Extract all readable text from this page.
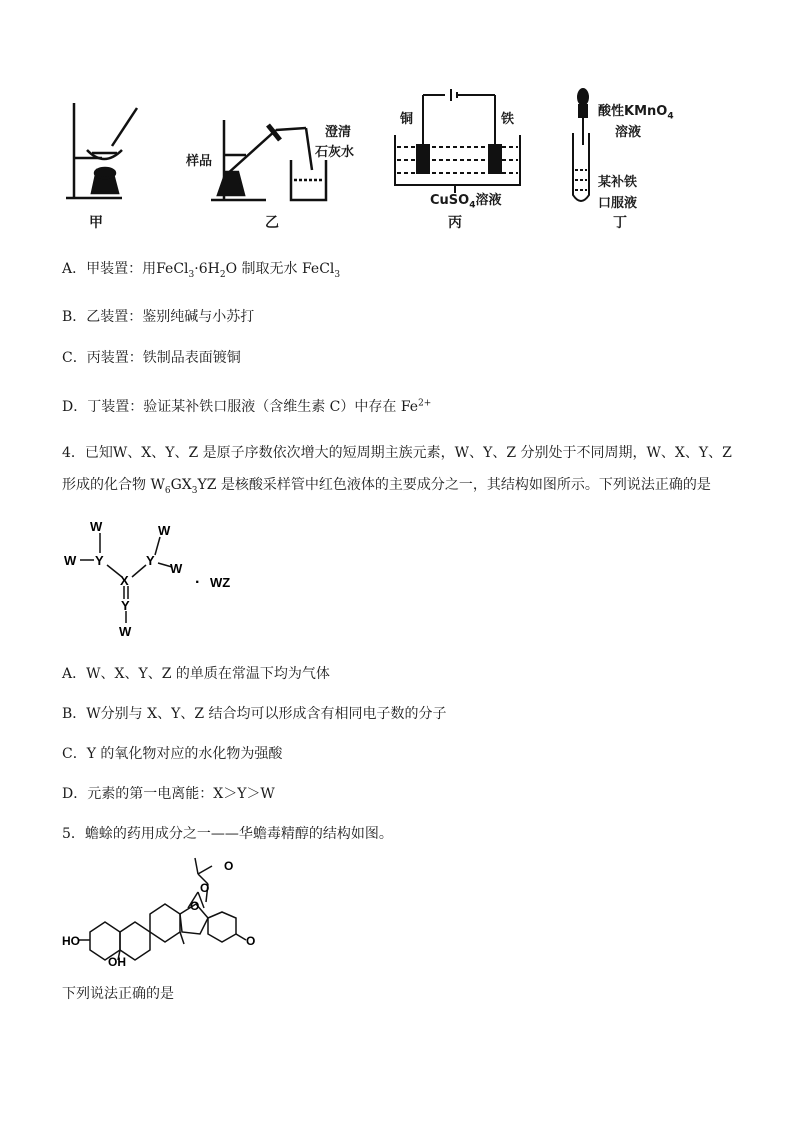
甲
样品
澄清
石灰水
乙
铜	铁
CuSO$_4$溶液
丙
酸性KMnO$_4$
溶液
某补铁
口服液
丁
A．甲装置：用$FeCl_3\cdot 6H_2O$ 制取无水 FeCl$_3$
B．乙装置：鉴别纯碱与小苏打
C．丙装置：铁制品表面镀铜
D．丁装置：验证某补铁口服液（含维生素 C）中存在 $Fe^{2+}$
4．已知W、X、Y、Z 是原子序数依次增大的短周期主族元素，W、Y、Z 分别处于不同周期，W、X、Y、Z
形成的化合物 $W_6GX_3YZ$ 是核酸采样管中红色液体的主要成分之一，其结构如图所示。下列说法正确的是
W
W Y
X
Y
W
W
Y
W
· WZ
A．W、X、Y、Z 的单质在常温下均为气体
B．W分别与 X、Y、Z 结合均可以形成含有相同电子数的分子
C．Y 的氧化物对应的水化物为强酸
D．元素的第一电离能：X＞Y＞W
5．蟾蜍的药用成分之一——华蟾毒精醇的结构如图。
HO
OH
O
O
O
O
下列说法正确的是
